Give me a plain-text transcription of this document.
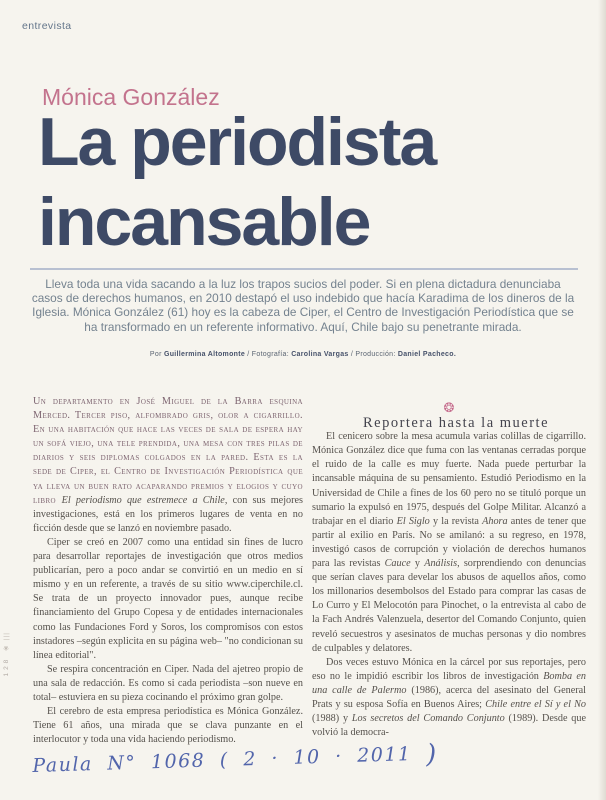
entrevista
Mónica González
La periodista
incansable
Lleva toda una vida sacando a la luz los trapos sucios del poder. Si en plena dictadura denunciaba casos de derechos humanos, en 2010 destapó el uso indebido que hacía Karadima de los dineros de la Iglesia. Mónica González (61) hoy es la cabeza de Ciper, el Centro de Investigación Periodística que se ha transformado en un referente informativo. Aquí, Chile bajo su penetrante mirada.
Por Guillermina Altomonte / Fotografía: Carolina Vargas / Producción: Daniel Pacheco.

Un departamento en José Miguel de la Barra esquina Merced. Tercer piso, alfombrado gris, olor a cigarrillo. En una habitación que hace las veces de sala de espera hay un sofá viejo, una tele prendida, una mesa con tres pilas de diarios y seis diplomas colgados en la pared. Esta es la sede de Ciper, el Centro de Investigación Periodística que ya lleva un buen rato acaparando premios y elogios y cuyo libro El periodismo que estremece a Chile, con sus mejores investigaciones, está en los primeros lugares de venta en no ficción desde que se lanzó en noviembre pasado.

Ciper se creó en 2007 como una entidad sin fines de lucro para desarrollar reportajes de investigación que otros medios publicarían, pero a poco andar se convirtió en un medio en sí mismo y en un referente, a través de su sitio www.ciperchile.cl. Se trata de un proyecto innovador pues, aunque recibe financiamiento del Grupo Copesa y de entidades internacionales como las Fundaciones Ford y Soros, los compromisos con estos instadores –según explicita en su página web– "no condicionan su línea editorial".

Se respira concentración en Ciper. Nada del ajetreo propio de una sala de redacción. Es como si cada periodista –son nueve en total– estuviera en su pieza cocinando el próximo gran golpe.

El cerebro de esta empresa periodística es Mónica González. Tiene 61 años, una mirada que se clava punzante en el interlocutor y toda una vida haciendo periodismo.

❂

Reportera hasta la muerte

El cenicero sobre la mesa acumula varias colillas de cigarrillo. Mónica González dice que fuma con las ventanas cerradas porque el ruido de la calle es muy fuerte. Nada puede perturbar la incansable máquina de su pensamiento. Estudió Periodismo en la Universidad de Chile a fines de los 60 pero no se tituló porque un sumario la expulsó en 1975, después del Golpe Militar. Alcanzó a trabajar en el diario El Siglo y la revista Ahora antes de tener que partir al exilio en París. No se amilanó: a su regreso, en 1978, investigó casos de corrupción y violación de derechos humanos para las revistas Cauce y Análisis, sorprendiendo con denuncias que serían claves para develar los abusos de aquellos años, como los millonarios desembolsos del Estado para comprar las casas de Lo Curro y El Melocotón para Pinochet, o la entrevista al cabo de la Fach Andrés Valenzuela, desertor del Comando Conjunto, quien reveló secuestros y asesinatos de muchas personas y dio nombres de culpables y delatores.

Dos veces estuvo Mónica en la cárcel por sus reportajes, pero eso no le impidió escribir los libros de investigación Bomba en una calle de Palermo (1986), acerca del asesinato del General Prats y su esposa Sofía en Buenos Aires; Chile entre el Sí y el No (1988) y Los secretos del Comando Conjunto (1989). Desde que volvió la democra-

128 ❀ |||
Paula N° 1068 ( 2 · 10 · 2011 )
